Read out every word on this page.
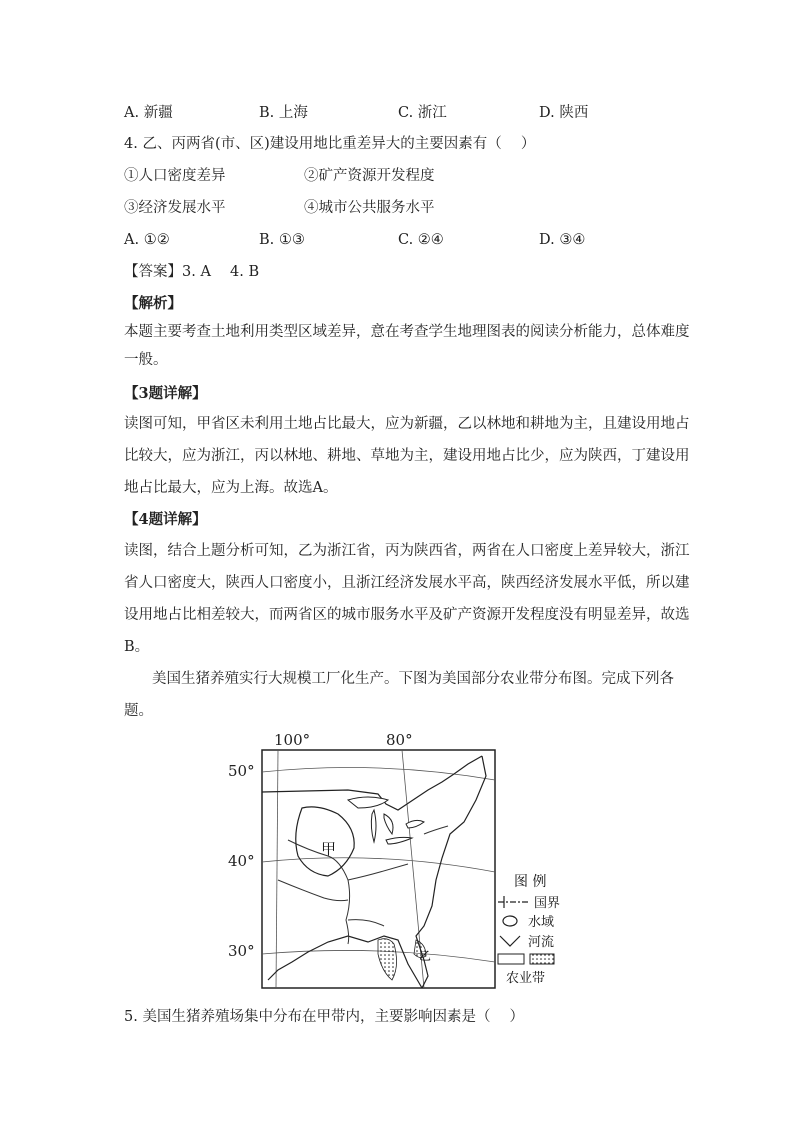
A. 新疆	B. 上海	C. 浙江	D. 陕西
4. 乙、丙两省(市、区)建设用地比重差异大的主要因素有（　 ）
①人口密度差异	②矿产资源开发程度
③经济发展水平	④城市公共服务水平
A. ①②	B. ①③	C. ②④	D. ③④
【答案】3. A　 4. B
【解析】
本题主要考查土地利用类型区域差异，意在考查学生地理图表的阅读分析能力，总体难度
一般。
【3题详解】
读图可知，甲省区未利用土地占比最大，应为新疆，乙以林地和耕地为主，且建设用地占
比较大，应为浙江，丙以林地、耕地、草地为主，建设用地占比少，应为陕西，丁建设用
地占比最大，应为上海。故选A。
【4题详解】
读图，结合上题分析可知，乙为浙江省，丙为陕西省，两省在人口密度上差异较大，浙江
省人口密度大，陕西人口密度小，且浙江经济发展水平高，陕西经济发展水平低，所以建
设用地占比相差较大，而两省区的城市服务水平及矿产资源开发程度没有明显差异，故选
B。
美国生猪养殖实行大规模工厂化生产。下图为美国部分农业带分布图。完成下列各
题。
100°	80°
50°
40°
30°
甲
乙
图 例
国界
水域
河流
农业带
5. 美国生猪养殖场集中分布在甲带内，主要影响因素是（　 ）
